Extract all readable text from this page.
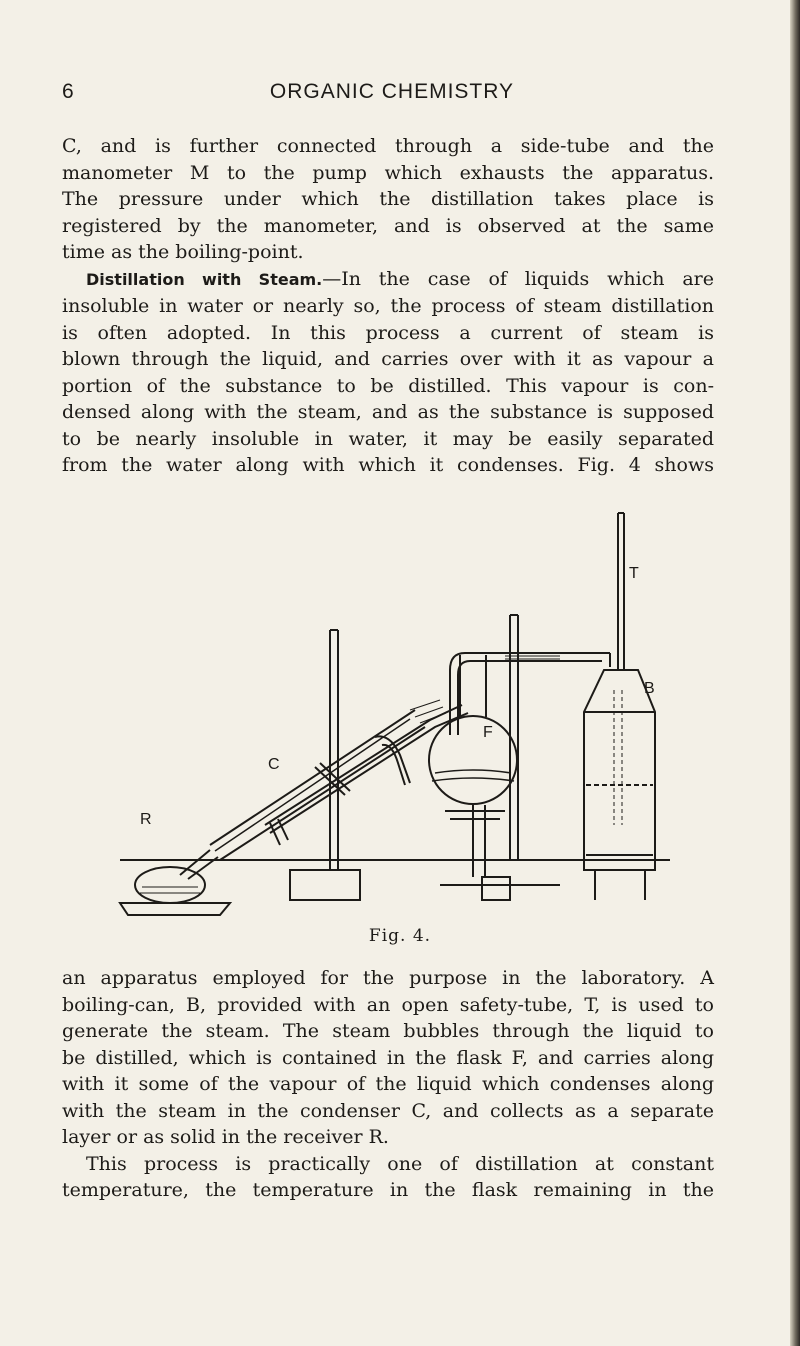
6	ORGANIC CHEMISTRY
C, and is further connected through a side-tube and the
manometer M to the pump which exhausts the apparatus.
The pressure under which the distillation takes place is
registered by the manometer, and is observed at the same
time as the boiling-point.
Distillation with Steam.—In the case of liquids which are
insoluble in water or nearly so, the process of steam distillation
is often adopted. In this process a current of steam is
blown through the liquid, and carries over with it as vapour a
portion of the substance to be distilled. This vapour is con-
densed along with the steam, and as the substance is supposed
to be nearly insoluble in water, it may be easily separated
from the water along with which it condenses. Fig. 4 shows
T
B
F
C
R
Fig. 4.
an apparatus employed for the purpose in the laboratory. A
boiling-can, B, provided with an open safety-tube, T, is used to
generate the steam. The steam bubbles through the liquid to
be distilled, which is contained in the flask F, and carries along
with it some of the vapour of the liquid which condenses along
with the steam in the condenser C, and collects as a separate
layer or as solid in the receiver R.
This process is practically one of distillation at constant
temperature, the temperature in the flask remaining in the
